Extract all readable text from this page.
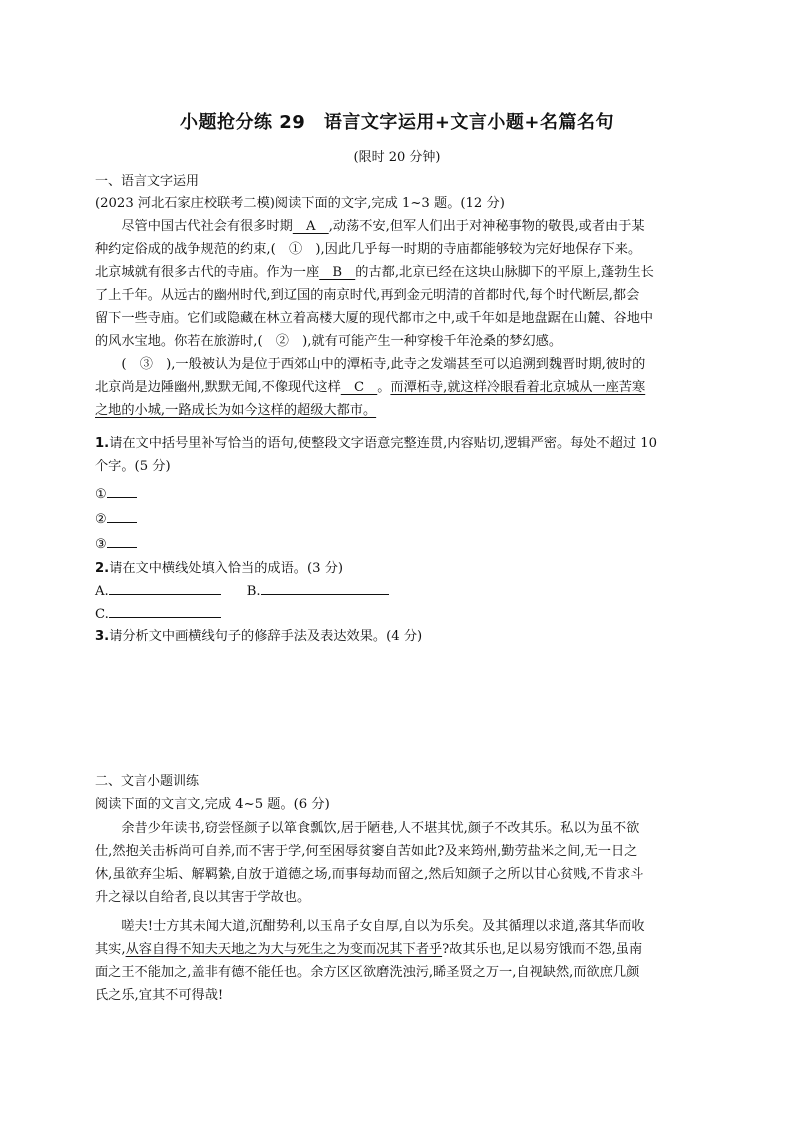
小题抢分练 29　语言文字运用+文言小题+名篇名句
(限时 20 分钟)
一、语言文字运用
(2023 河北石家庄校联考二模)阅读下面的文字,完成 1~3 题。(12 分)
　　尽管中国古代社会有很多时期　A　,动荡不安,但军人们出于对神秘事物的敬畏,或者由于某
种约定俗成的战争规范的约束,(　①　),因此几乎每一时期的寺庙都能够较为完好地保存下来。
北京城就有很多古代的寺庙。作为一座　B　的古都,北京已经在这块山脉脚下的平原上,蓬勃生长
了上千年。从远古的幽州时代,到辽国的南京时代,再到金元明清的首都时代,每个时代断层,都会
留下一些寺庙。它们或隐藏在林立着高楼大厦的现代都市之中,或千年如是地盘踞在山麓、谷地中
的风水宝地。你若在旅游时,(　②　),就有可能产生一种穿梭千年沧桑的梦幻感。
　　(　③　),一般被认为是位于西郊山中的潭柘寺,此寺之发端甚至可以追溯到魏晋时期,彼时的
北京尚是边陲幽州,默默无闻,不像现代这样　C　。而潭柘寺,就这样冷眼看着北京城从一座苦寒
之地的小城,一路成长为如今这样的超级大都市。
1.请在文中括号里补写恰当的语句,使整段文字语意完整连贯,内容贴切,逻辑严密。每处不超过 10
个字。(5 分)
①
②
③
2.请在文中横线处填入恰当的成语。(3 分)
A.	B.
C.
3.请分析文中画横线句子的修辞手法及表达效果。(4 分)
二、文言小题训练
阅读下面的文言文,完成 4~5 题。(6 分)
　　余昔少年读书,窃尝怪颜子以箪食瓢饮,居于陋巷,人不堪其忧,颜子不改其乐。私以为虽不欲
仕,然抱关击柝尚可自养,而不害于学,何至困辱贫窭自苦如此?及来筠州,勤劳盐米之间,无一日之
休,虽欲弃尘垢、解羁絷,自放于道德之场,而事每劫而留之,然后知颜子之所以甘心贫贱,不肯求斗
升之禄以自给者,良以其害于学故也。
　　嗟夫!士方其未闻大道,沉酣势利,以玉帛子女自厚,自以为乐矣。及其循理以求道,落其华而收
其实,从容自得不知夫天地之为大与死生之为变而况其下者乎?故其乐也,足以易穷饿而不怨,虽南
面之王不能加之,盖非有德不能任也。余方区区欲磨洗浊污,睎圣贤之万一,自视缺然,而欲庶几颜
氏之乐,宜其不可得哉!
